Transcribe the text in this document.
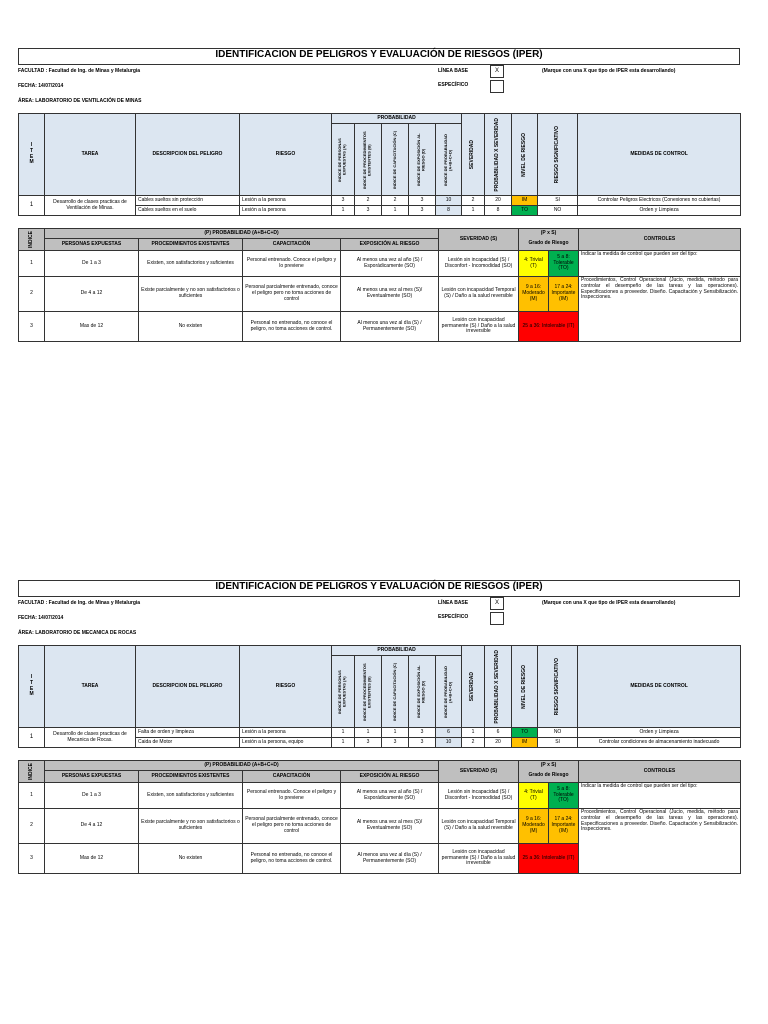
IDENTIFICACION DE PELIGROS Y EVALUACIÓN DE RIESGOS (IPER)
FACULTAD : Facultad de Ing. de Minas y Metalurgia
FECHA: 14/07/2014
ÁREA: LABORATORIO DE VENTILACIÓN DE MINAS
LÍNEA BASE
ESPECÍFICO
X	(Marque con una X que tipo de IPER esta desarrollando)
I T E M	TAREA	DESCRIPCION DEL PELIGRO	RIESGO	PROBABILIDAD					SEVERIDAD	PROBABILIDAD X SEVERIDAD	NIVEL DE RIESGO	RIESGO SIGNIFICATIVO	MEDIDAS DE CONTROL

				INDICE DE PERSONAS EXPUESTAS (A)	INDICE DE PROCEDIMIENTOS EXISTENTES (B)	INDICE DE CAPACITACIÓN (C)	INDICE DE EXPOSICIÓN AL RIESGO (D)	INDICE DE PROBABILIDAD (A+B+C+D)					

1	Desarrollo de clases practicas de Ventilación de Minas.	Cables sueltos sin protección	Lesión a la persona	3	2	2	3	10	2	20	IM	SI	Controlar Peligros Electricos (Conexiones no cubiertas)
		Cables sueltos en el suelo	Lesión a la persona	1	3	1	3	8	1	8	TO	NO	Orden y Limpieza
INDICE	(P) PROBABILIDAD (A+B+C+D)				SEVERIDAD (S)	(P x S)		CONTROLES
	PERSONAS EXPUESTAS	PROCEDIMIENTOS EXISTENTES	CAPACITACIÓN	EXPOSICIÓN AL RIESGO		Grado de Riesgo		
1	De 1 a 3	Existen, son satisfactorios y suficientes	Personal entrenado. Conoce el peligro y lo previene	Al menos una vez al año (S) / Esporádicamente (SO)	Lesión sin incapacidad (S) / Disconfort - Incomodidad (SO)	4: Trivial (T)	5 a 8: Tolerable (TO)	Indicar la medida de control que pueden ser del tipo:
2	De 4 a 12	Existe parcialmente y no son satisfactorios o suficientes	Personal parcialmente entrenado, conoce el peligro pero no toma acciones de control	Al menos una vez al mes (S)/ Eventualmente (SO)	Lesión con incapacidad Temporal (S) / Daño a la salud reversible	9 a 16: Moderado (M)	17 a 24: Importante (IM)	Procedimientos, Control Operacional (Jucio, medida, método para controlar el desempeño de las tareas y las operaciones). Especificaciones a proveedor. Diseño. Capacitación y Sensibilización. Inspecciones.
3	Mas de 12	No existen	Personal no entrenado, no conoce el peligro, no toma acciones de control.	Al menos una vez al día (S) / Permanentemente (SO)	Lesión con incapacidad permanente (S) / Daño a la salud irreversible	25 a 36: Intolerable (IT)		
IDENTIFICACION DE PELIGROS Y EVALUACIÓN DE RIESGOS (IPER)
FACULTAD : Facultad de Ing. de Minas y Metalurgia
FECHA: 14/07/2014
ÁREA: LABORATORIO DE MECANICA DE ROCAS
LÍNEA BASE
ESPECÍFICO
X	(Marque con una X que tipo de IPER esta desarrollando)
I T E M	TAREA	DESCRIPCION DEL PELIGRO	RIESGO	PROBABILIDAD					SEVERIDAD	PROBABILIDAD X SEVERIDAD	NIVEL DE RIESGO	RIESGO SIGNIFICATIVO	MEDIDAS DE CONTROL

				INDICE DE PERSONAS EXPUESTAS (A)	INDICE DE PROCEDIMIENTOS EXISTENTES (B)	INDICE DE CAPACITACIÓN (C)	INDICE DE EXPOSICIÓN AL RIESGO (D)	INDICE DE PROBABILIDAD (A+B+C+D)					

1	Desarrollo de clases practicas de Mecanica de Rocas.	Falta de orden y limpieza	Lesión a la persona	1	1	1	3	6	1	6	TO	NO	Orden y Limpieza
		Caida de Motor	Lesión a la persona, equipo	1	3	3	3	10	2	20	IM	SI	Controlar condiciones de almacenamiento inadecuado
INDICE	(P) PROBABILIDAD (A+B+C+D)				SEVERIDAD (S)	(P x S)		CONTROLES
	PERSONAS EXPUESTAS	PROCEDIMIENTOS EXISTENTES	CAPACITACIÓN	EXPOSICIÓN AL RIESGO		Grado de Riesgo		
1	De 1 a 3	Existen, son satisfactorios y suficientes	Personal entrenado. Conoce el peligro y lo previene	Al menos una vez al año (S) / Esporádicamente (SO)	Lesión sin incapacidad (S) / Disconfort - Incomodidad (SO)	4: Trivial (T)	5 a 8: Tolerable (TO)	Indicar la medida de control que pueden ser del tipo:
2	De 4 a 12	Existe parcialmente y no son satisfactorios o suficientes	Personal parcialmente entrenado, conoce el peligro pero no toma acciones de control	Al menos una vez al mes (S)/ Eventualmente (SO)	Lesión con incapacidad Temporal (S) / Daño a la salud reversible	9 a 16: Moderado (M)	17 a 24: Importante (IM)	Procedimientos, Control Operacional (Jucio, medida, método para controlar el desempeño de las tareas y las operaciones). Especificaciones a proveedor. Diseño. Capacitación y Sensibilización. Inspecciones.
3	Mas de 12	No existen	Personal no entrenado, no conoce el peligro, no toma acciones de control.	Al menos una vez al día (S) / Permanentemente (SO)	Lesión con incapacidad permanente (S) / Daño a la salud irreversible	25 a 36: Intolerable (IT)		
